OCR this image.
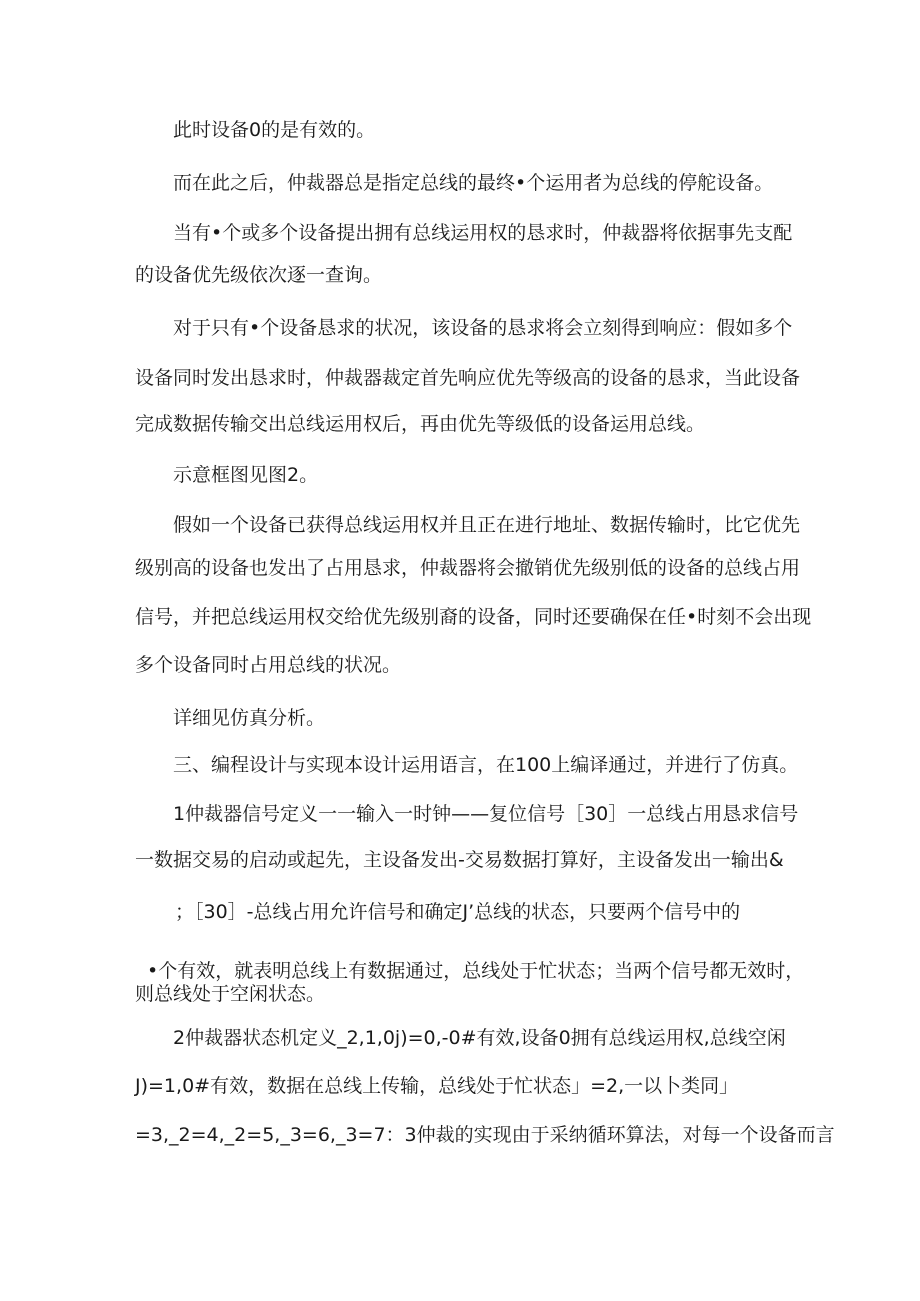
此时设备0的是有效的。
而在此之后，仲裁器总是指定总线的最终•个运用者为总线的停舵设备。
当有•个或多个设备提出拥有总线运用权的恳求时，仲裁器将依据事先支配
的设备优先级依次逐一查询。
对于只有•个设备恳求的状况，该设备的恳求将会立刻得到响应：假如多个
设备同时发出恳求时，仲裁器裁定首先响应优先等级高的设备的恳求，当此设备
完成数据传输交出总线运用权后，再由优先等级低的设备运用总线。
示意框图见图2。
假如一个设备已获得总线运用权并且正在进行地址、数据传输时，比它优先
级别高的设备也发出了占用恳求，仲裁器将会撤销优先级别低的设备的总线占用
信号，并把总线运用权交给优先级别裔的设备，同时还要确保在任•时刻不会出现
多个设备同时占用总线的状况。
详细见仿真分析。
三、编程设计与实现本设计运用语言，在100上编译通过，并进行了仿真。
1仲裁器信号定义一一输入一时钟——复位信号［30］一总线占用恳求信号
一数据交易的启动或起先，主设备发出-交易数据打算好，主设备发出一输出&
；［30］-总线占用允许信号和确定J’总线的状态，只要两个信号中的
•个有效，就表明总线上有数据通过，总线处于忙状态；当两个信号都无效时，
则总线处于空闲状态。
2仲裁器状态机定义_2,1,0j)=0,-0#有效,设备0拥有总线运用权,总线空闲
J)=1,0#有效，数据在总线上传输，总线处于忙状态」=2,一以卜类同」
=3,_2=4,_2=5,_3=6,_3=7：3仲裁的实现由于采纳循环算法，对每一个设备而言
